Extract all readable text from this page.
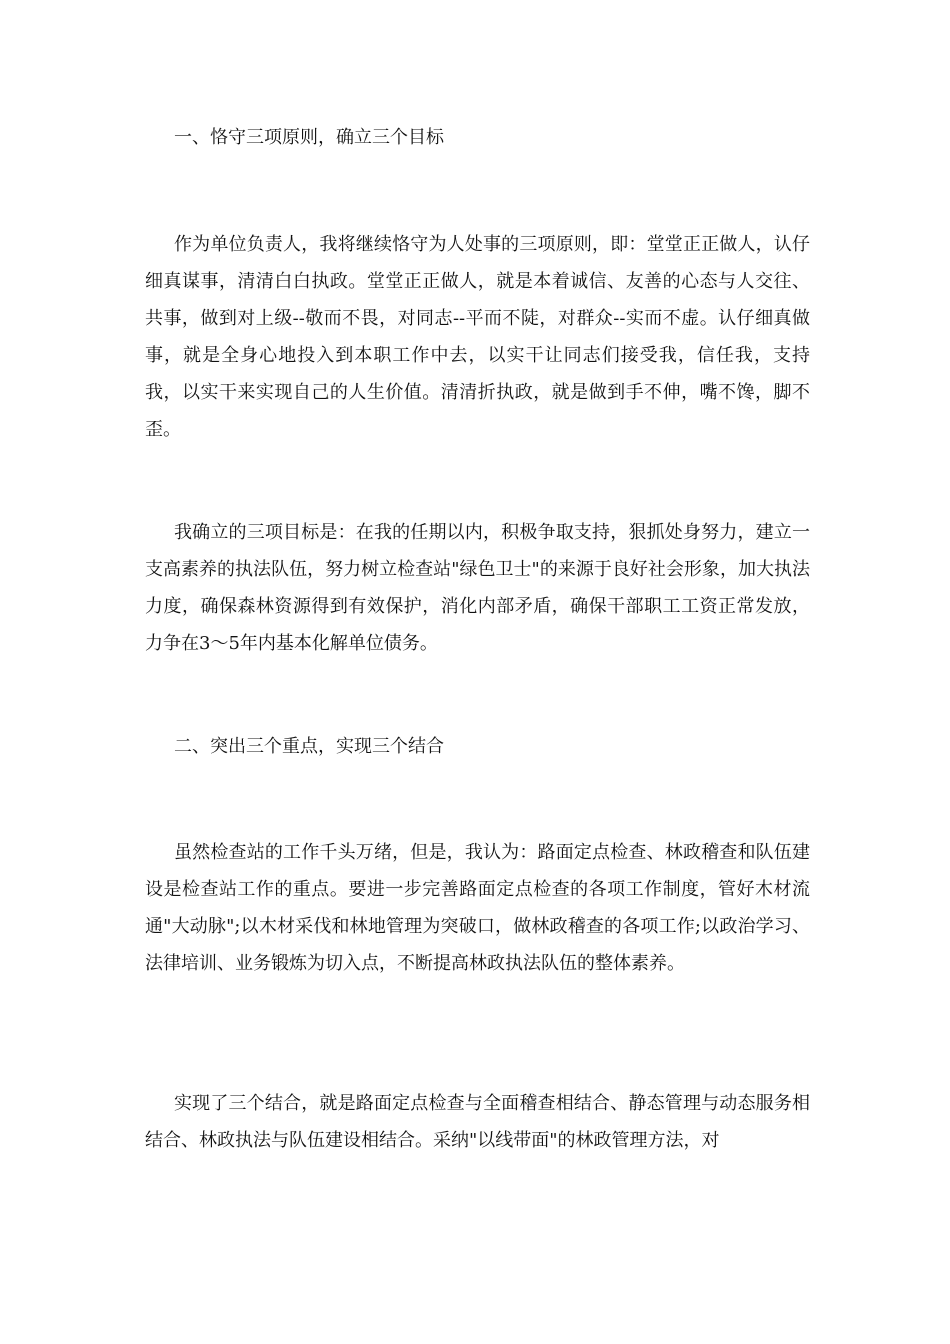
一、恪守三项原则，确立三个目标

作为单位负责人，我将继续恪守为人处事的三项原则，即：堂堂正正做人，认仔细真谋事，清清白白执政。堂堂正正做人，就是本着诚信、友善的心态与人交往、共事，做到对上级--敬而不畏，对同志--平而不陡，对群众--实而不虚。认仔细真做事，就是全身心地投入到本职工作中去，以实干让同志们接受我，信任我，支持我，以实干来实现自己的人生价值。清清折执政，就是做到手不伸，嘴不馋，脚不歪。

我确立的三项目标是：在我的任期以内，积极争取支持，狠抓处身努力，建立一支高素养的执法队伍，努力树立检查站"绿色卫士"的来源于良好社会形象，加大执法力度，确保森林资源得到有效保护，消化内部矛盾，确保干部职工工资正常发放，力争在3～5年内基本化解单位债务。

二、突出三个重点，实现三个结合

虽然检查站的工作千头万绪，但是，我认为：路面定点检查、林政稽查和队伍建设是检查站工作的重点。要进一步完善路面定点检查的各项工作制度，管好木材流通"大动脉";以木材采伐和林地管理为突破口，做林政稽查的各项工作;以政治学习、法律培训、业务锻炼为切入点，不断提高林政执法队伍的整体素养。

实现了三个结合，就是路面定点检查与全面稽查相结合、静态管理与动态服务相结合、林政执法与队伍建设相结合。采纳"以线带面"的林政管理方法，对
